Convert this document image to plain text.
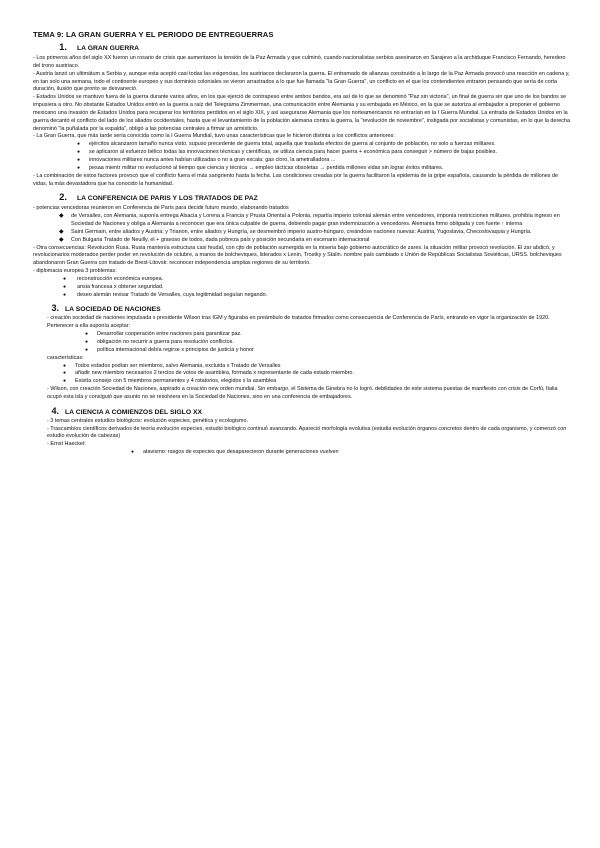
TEMA 9: LA GRAN GUERRA Y EL PERIODO DE ENTREGUERRAS
1.	LA GRAN GUERRA

- Los primeros años del siglo XX fueron un rosario de crisis que aumentaron la tensión de la Paz Armada y que culminó, cuando nacionalistas serbios asesinaron en Sarajevo a la archiduque Francisco Fernando, heredero del trono austriaco.

- Austria lanzó un ultimátum a Serbia y, aunque esta aceptó casi todas las exigencias, los austriacos declararon la guerra. El entramado de alianzas construido a lo largo de la Paz Armada provocó una reacción en cadena y, en tan solo una semana, todo el continente europeo y sus dominios coloniales se vieron arrastrados a lo que fue llamada "la Gran Guerra", un conflicto en el que los contendientes entraron pensando que sería de corta duración, ilusión que pronto se desvaneció.

- Estados Unidos se mantuvo fuera de la guerra durante varios años, en los que ejerció de contrapeso entre ambos bandos, era así de lo que se denominó "Paz sin victoria", un final de guerra sin que uno de los bandos se impusiera a otro. No obstante Estados Unidos entró en la guerra a raíz del Telegrama Zimmerman, una comunicación entre Alemania y su embajada en México, en la que se autoriza al embajador a proponer el gobierno mexicano una invasión de Estados Unidos para recuperar los territorios perdidos en el siglo XIX, y así asegurarse Alemania que los norteamericanos no entrarían en la I Guerra Mundial. La entrada de Estados Unidos en la guerra decantó el conflicto del lado de los aliados occidentales, hasta que el levantamiento de la población alemana contra la guerra, la "revolución de noviembre", instigada por socialistas y comunistas, en lo que la derecha denominó "la puñalada por la espalda", obligó a las potencias centrales a firmar un armisticio.

- La Gran Guerra, que más tarde sería conocida como la I Guerra Mundial, tuvo unas características que le hicieron distinta a los conflictos anteriores:

● ejércitos alcanzaron tamaño nunca visto. supuso precedente de guerra total, aquella que traslada efectos de guerra al conjunto de población, no solo a fuerzas militares.
● se aplicaron al esfuerzo bélico todas las innovaciones técnicas y científicas, se utiliza ciencia para hacer guerra + económica para conseguir > número de bajas posibles.
● innovaciones militares nunca antes habían utilizadas o no a gran escala: gas cloro, la ametralladora ...
● pesaa mientr militar no evolucionó al tiempo que ciencia y técnica → empleo tácticas obsoletas → perdida millones vidas sin lograr éxitos militares.

- La combinación de estos factores provocó que el conflicto fuera el más sangriento hasta la fecha. Las condiciones creadas por la guerra facilitaron la epidemia de la gripe española, causando la pérdida de millones de vidas, la más devastadora que ha conocido la humanidad.

2.	LA CONFERENCIA DE PARIS Y LOS TRATADOS DE PAZ

- potencias vencedoras reunieron en Conferencia de París para decidir futuro mundo, elaborando tratados

◆ de Versalles, con Alemania, suponía entrega Alsacia y Lorena a Francia y Prusia Oriental a Polonia. repartía imperio colonial alemán entre vencedores, imponía restricciones militares, prohibía ingreso en Sociedad de Naciones y obliga a Alemania a reconocer que era única culpable de guerra, debiendo pagar gran indemnización a vencedores. Alemania firmo obligada y con fuerte ↑ interna
◆ Saint Germain, entre aliados y Austria; y Trianon, entre aliados y Hungría, se desmembró imperio austro-húngaro, creándose naciones nuevas: Austria, Yugoslavia, Checoslovaquia y Hungría.
◆ Con Bulgaria Tratado de Neuilly, el + gravoso de todos, dada pobreza país y posición secundaria en escenario internacional

- Otra consecuencias: Revolución Rusa. Rusia mantenía estructura casi feudal, con cjto de población sumergida en la miseria bajo gobierno autocrático de zares. la situación militar provocó revolución. El zar abdicó, y revolucionarios moderados perder poder en revolución de octubre, a manos de bolcheviques, liderados x Lenin, Trostky y Stalin. nombre país cambiado x Unión de Repúblicas Socialistas Soviéticas, URSS. bolcheviques abandonaron Gran Guerra con tratado de Brest-Litovsk: reconocer independencia amplias regiones de su territorio.

- diplomacia europea 3 problemas:

● reconstrucción económica europea.
● ansia francesa x obtener seguridad.
● deseo alemán revisar Tratado de Versalles, cuya legitimidad seguían negando.
3. LA SOCIEDAD DE NACIONES

- creación sociedad de naciones impulsada x presidente Wilson tras IGM y figuraba en preámbulo de tratados firmados como consecuencia de Conferencia de París, entrando en vigor la organización de 1920. Pertenecer a ella suponía aceptar:

● Desarrollar cooperación entre naciones para garantizar paz.
● obligación no recurrir a guerra para resolución conflictos.
● política internacional debía regirse x principios de justicia y honor

características:

● Todos estados podían ser miembros, salvo Alemania, excluida x Tratado de Versalles
● añadir new miembro necesarios 2 tercios de votos de asamblea, formada x representante de cada estado miembro.
● Existía consejo con 5 miembros permanentes y 4 rotatorios, elegidos x la asamblea

- Wilson, con creación Sociedad de Naciones, aspirado a creación new orden mundial. Sin embargo, el Sistema de Ginebra no lo logró. debilidades de este sistema puestas de manifiesto con crisis de Corfú, Italia ocupó esta isla y consiguió que asunto no se resolviera en la Sociedad de Naciones, sino en una conferencia de embajadores.

4. LA CIENCIA A COMIENZOS DEL SIGLO XX

- 3 temas centrales estudios biológicos: evolución especies, genética y ecologismo.

- Trascambios científicos derivados de teoría evolución especies, estudio biológico continuó avanzando. Apareció morfología evolutiva (estudia evolución órganos concretos dentro de cada organismo, y comenzó con estudio evolución de cabezas)

- Ernst Haeckel:

● atavismo: rasgos de especies que desaparecieron durante generaciones vuelven
